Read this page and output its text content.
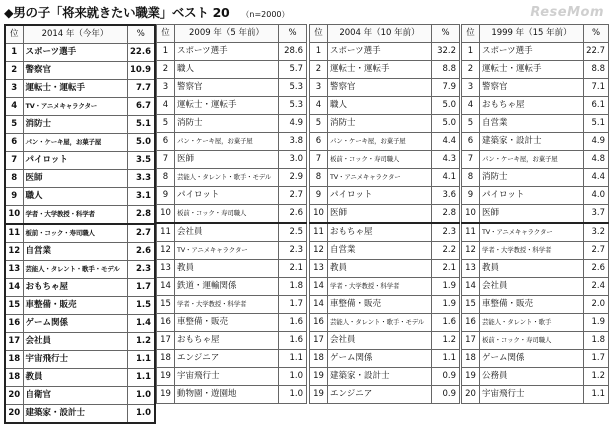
◆男の子「将来就きたい職業」ベスト 20 （n=2000）	ReseMom
位	2014 年（今年）	%
1	スポーツ選手	22.6
2	警察官	10.9
3	運転士・運転手	7.7
4	TV・アニメキャラクター	6.7
5	消防士	5.1
6	パン・ケーキ屋，お菓子屋	5.0
7	パイロット	3.5
8	医師	3.3
9	職人	3.1
10	学者・大学教授・科学者	2.8
11	板前・コック・寿司職人	2.7
12	自営業	2.6
13	芸能人・タレント・歌手・モデル	2.3
14	おもちゃ屋	1.7
15	車整備・販売	1.5
16	ゲーム関係	1.4
17	会社員	1.2
18	宇宙飛行士	1.1
18	教員	1.1
20	自衛官	1.0
20	建築家・設計士	1.0
位	2009 年（5 年前）	%
1	スポーツ選手	28.6
2	職人	5.7
3	警察官	5.3
4	運転士・運転手	5.3
5	消防士	4.9
6	パン・ケーキ屋，お菓子屋	3.8
7	医師	3.0
8	芸能人・タレント・歌手・モデル	2.9
9	パイロット	2.7
10	板前・コック・寿司職人	2.6
11	会社員	2.5
12	TV・アニメキャラクター	2.3
13	教員	2.1
14	鉄道・運輸関係	1.8
15	学者・大学教授・科学者	1.7
16	車整備・販売	1.6
17	おもちゃ屋	1.6
18	エンジニア	1.1
19	宇宙飛行士	1.0
19	動物園・遊園地	1.0
位	2004 年（10 年前）	%
1	スポーツ選手	32.2
2	運転士・運転手	8.8
3	警察官	7.9
4	職人	5.0
5	消防士	5.0
6	パン・ケーキ屋，お菓子屋	4.4
7	板前・コック・寿司職人	4.3
8	TV・アニメキャラクター	4.1
9	パイロット	3.6
10	医師	2.8
11	おもちゃ屋	2.3
12	自営業	2.2
13	教員	2.1
14	学者・大学教授・科学者	1.9
14	車整備・販売	1.9
16	芸能人・タレント・歌手・モデル	1.6
17	会社員	1.2
18	ゲーム関係	1.1
19	建築家・設計士	0.9
19	エンジニア	0.9
位	1999 年（15 年前）	%
1	スポーツ選手	22.7
2	運転士・運転手	8.8
3	警察官	7.1
4	おもちゃ屋	6.1
5	自営業	5.1
6	建築家・設計士	4.9
7	パン・ケーキ屋，お菓子屋	4.8
8	消防士	4.4
9	パイロット	4.0
10	医師	3.7
11	TV・アニメキャラクター	3.2
12	学者・大学教授・科学者	2.7
13	教員	2.6
14	会社員	2.4
15	車整備・販売	2.0
16	芸能人・タレント・歌手	1.9
17	板前・コック・寿司職人	1.8
18	ゲーム関係	1.7
19	公務員	1.2
20	宇宙飛行士	1.1
